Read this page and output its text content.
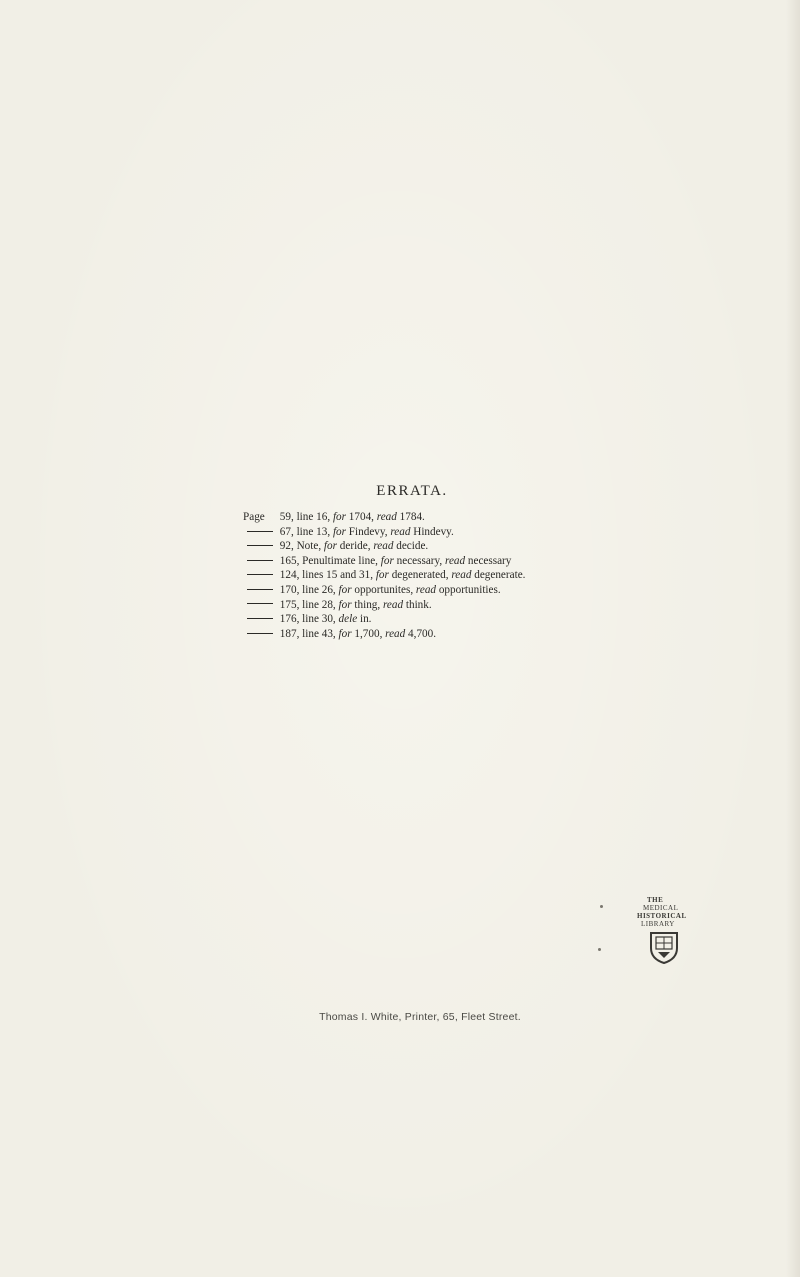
ERRATA.
Page 59, line 16, for 1704, read 1784.
67, line 13, for Findevy, read Hindevy.
92, Note, for deride, read decide.
165, Penultimate line, for necessary, read necessary
124, lines 15 and 31, for degenerated, read degenerate.
170, line 26, for opportunites, read opportunities.
175, line 28, for thing, read think.
176, line 30, dele in.
187, line 43, for 1,700, read 4,700.
THE
MEDICAL
HISTORICAL
LIBRARY
Thomas I. White, Printer, 65, Fleet Street.
